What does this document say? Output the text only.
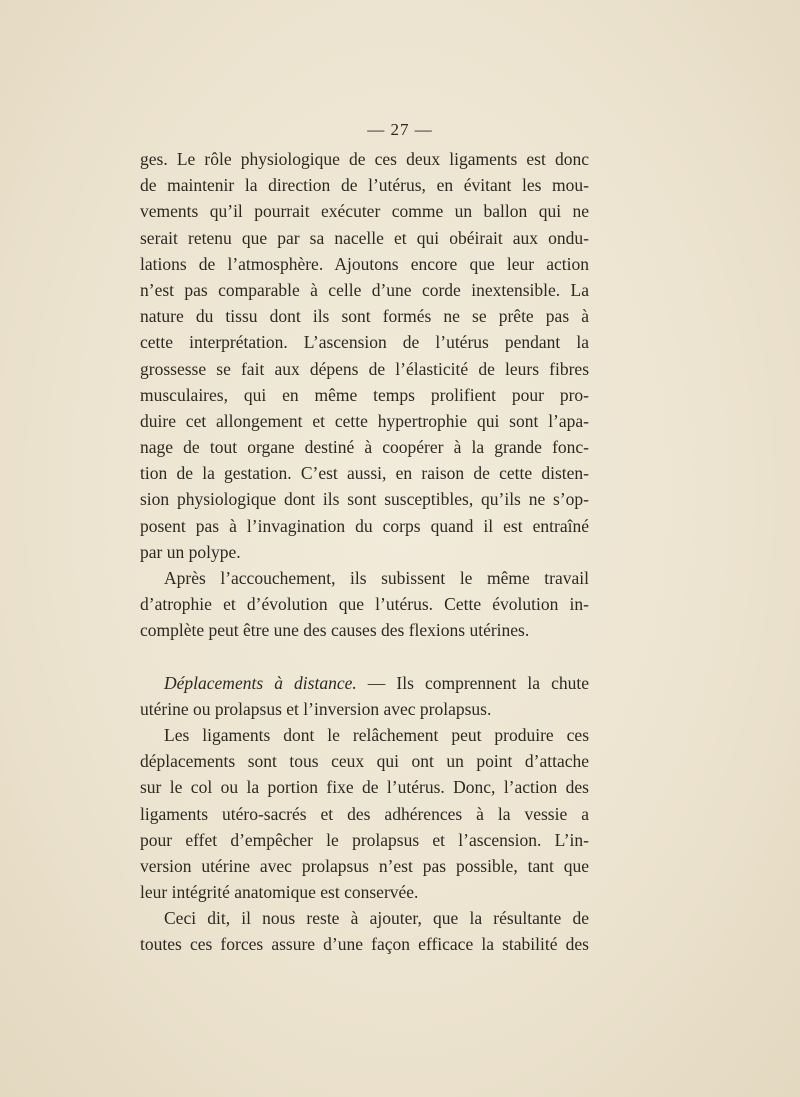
— 27 —
ges. Le rôle physiologique de ces deux ligaments est donc
de maintenir la direction de l’utérus, en évitant les mou-
vements qu’il pourrait exécuter comme un ballon qui ne
serait retenu que par sa nacelle et qui obéirait aux ondu-
lations de l’atmosphère. Ajoutons encore que leur action
n’est pas comparable à celle d’une corde inextensible. La
nature du tissu dont ils sont formés ne se prête pas à
cette interprétation. L’ascension de l’utérus pendant la
grossesse se fait aux dépens de l’élasticité de leurs fibres
musculaires, qui en même temps prolifient pour pro-
duire cet allongement et cette hypertrophie qui sont l’apa-
nage de tout organe destiné à coopérer à la grande fonc-
tion de la gestation. C’est aussi, en raison de cette disten-
sion physiologique dont ils sont susceptibles, qu’ils ne s’op-
posent pas à l’invagination du corps quand il est entraîné
par un polype.
Après l’accouchement, ils subissent le même travail
d’atrophie et d’évolution que l’utérus. Cette évolution in-
complète peut être une des causes des flexions utérines.
Déplacements à distance. — Ils comprennent la chute
utérine ou prolapsus et l’inversion avec prolapsus.
Les ligaments dont le relâchement peut produire ces
déplacements sont tous ceux qui ont un point d’attache
sur le col ou la portion fixe de l’utérus. Donc, l’action des
ligaments utéro-sacrés et des adhérences à la vessie a
pour effet d’empêcher le prolapsus et l’ascension. L’in-
version utérine avec prolapsus n’est pas possible, tant que
leur intégrité anatomique est conservée.
Ceci dit, il nous reste à ajouter, que la résultante de
toutes ces forces assure d’une façon efficace la stabilité des
